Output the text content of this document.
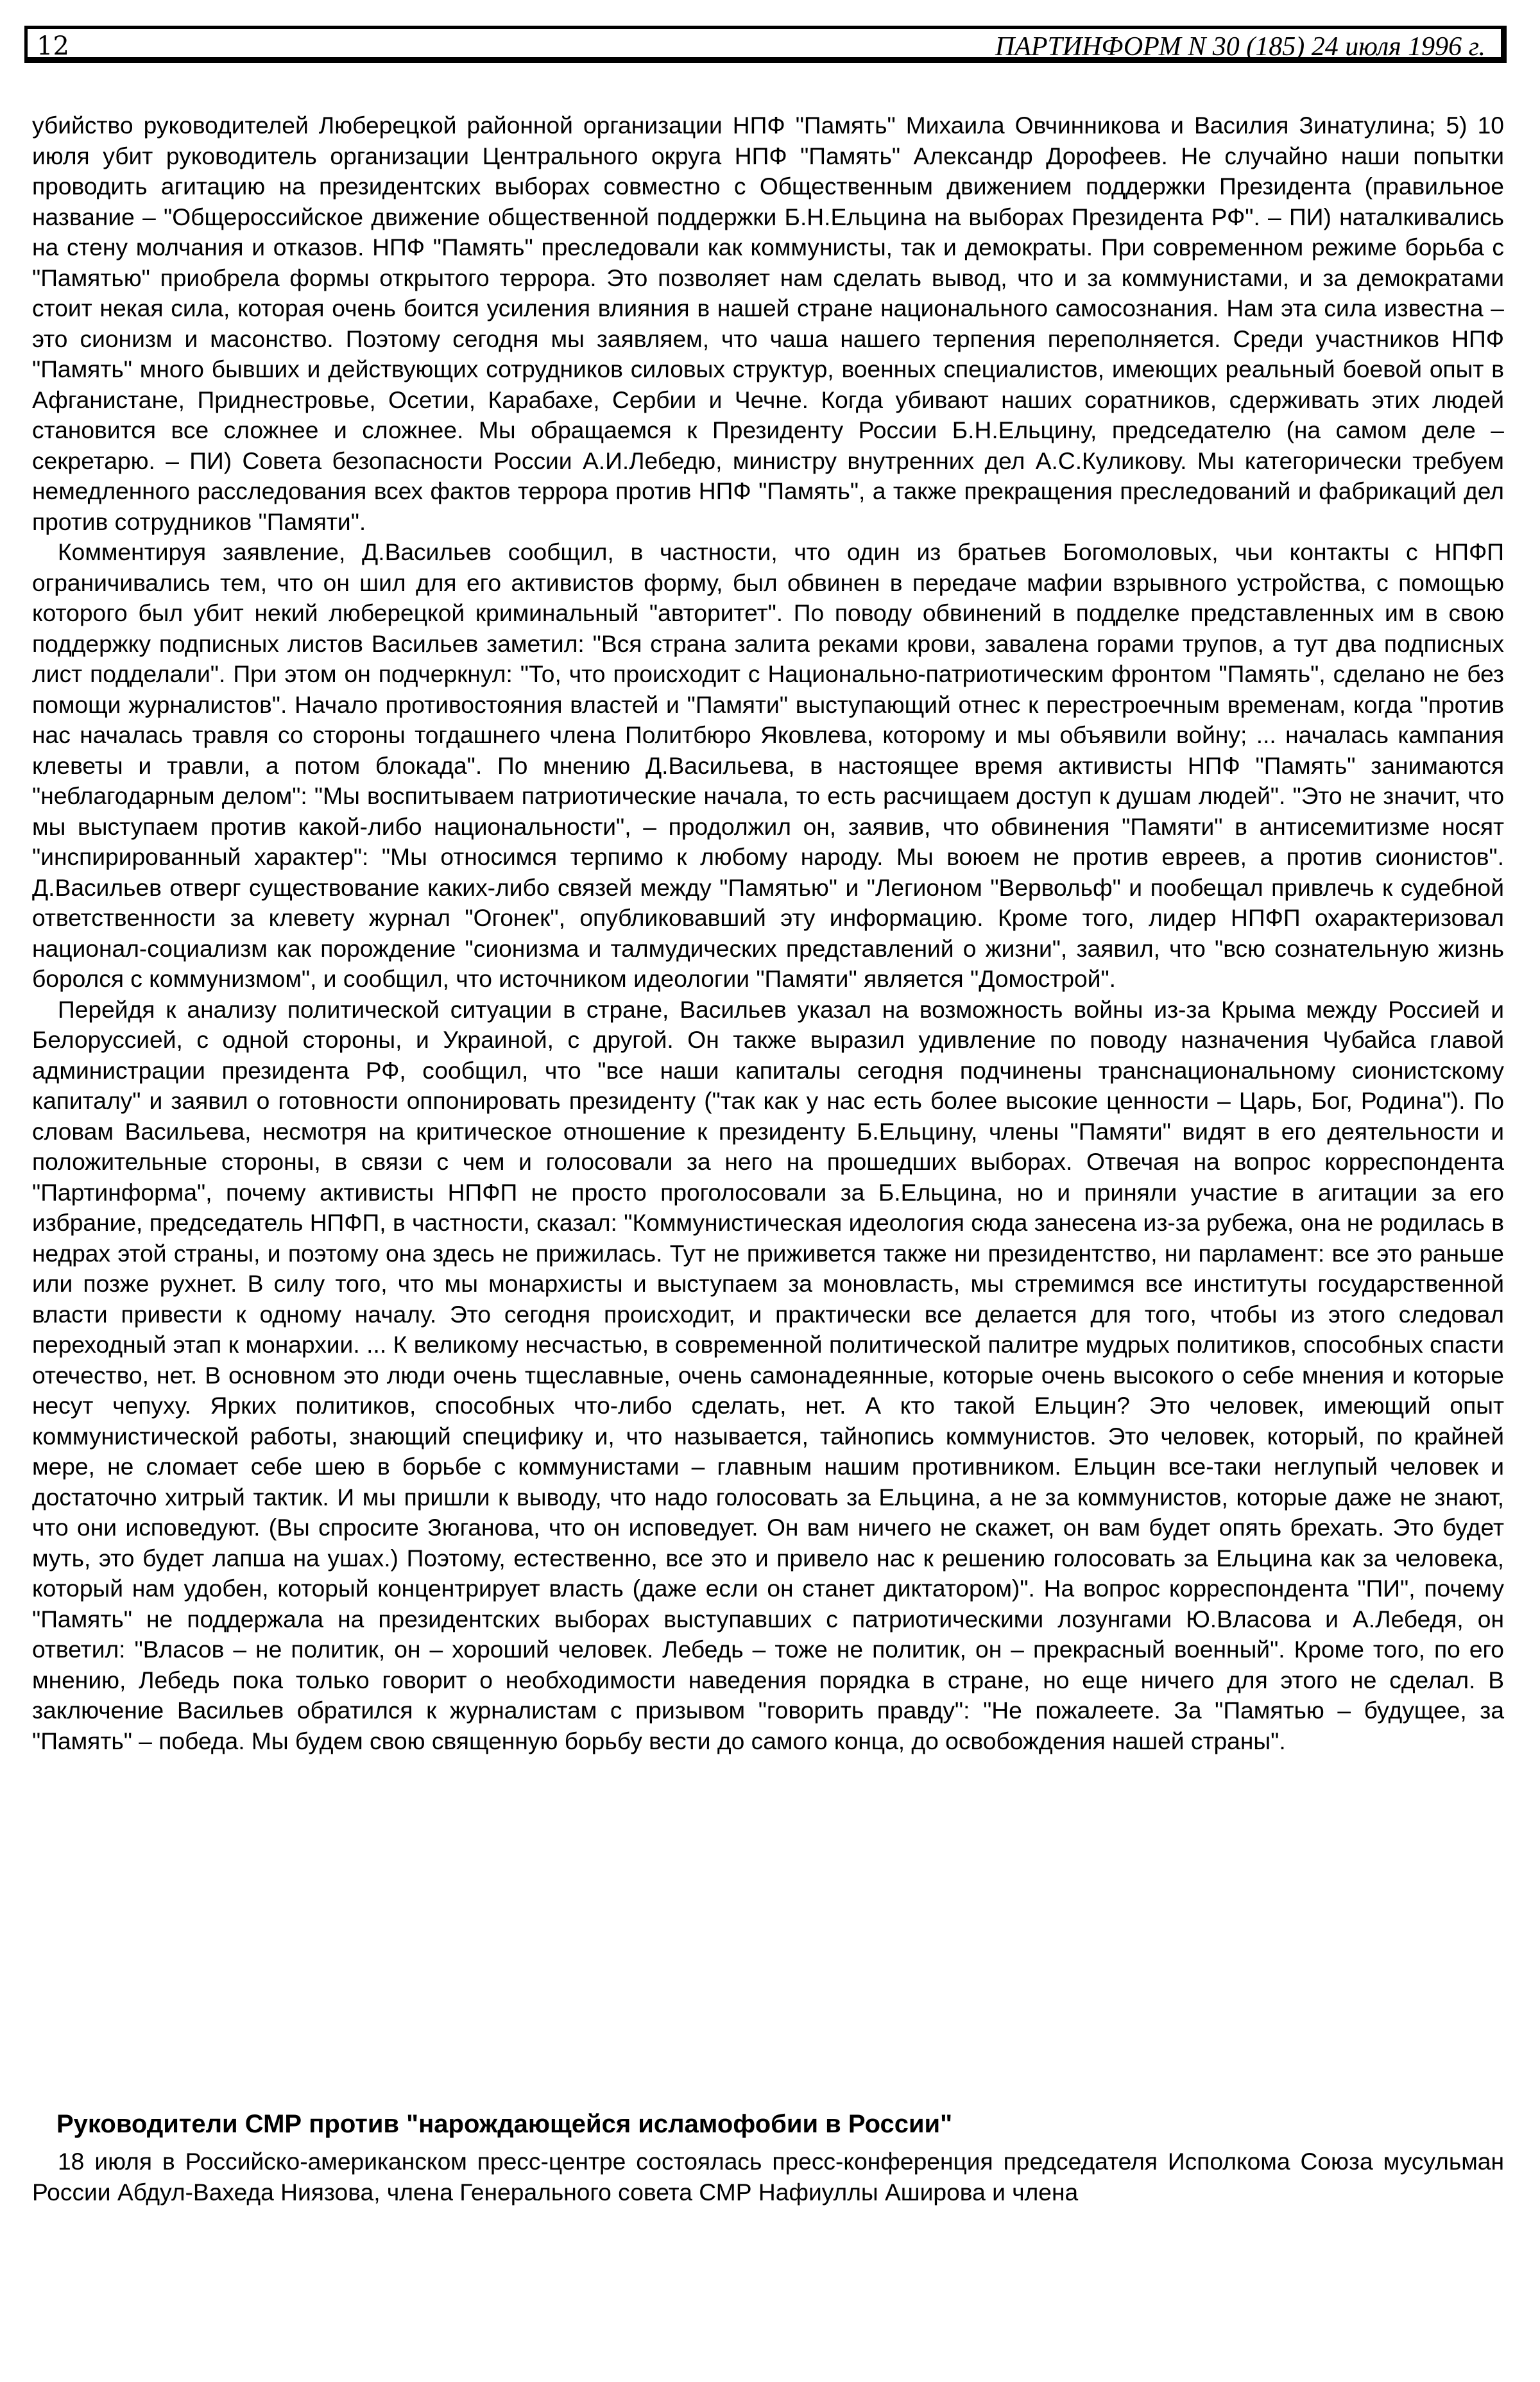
12	ПАРТИНФОРМ N 30 (185) 24 июля 1996 г.

убийство руководителей Люберецкой районной организации НПФ "Память" Михаила Овчинникова и Василия Зинатулина; 5) 10 июля убит руководитель организации Центрального округа НПФ "Память" Александр Дорофеев. Не случайно наши попытки проводить агитацию на президентских выборах совместно с Общественным движением поддержки Президента (правильное название – "Общероссийское движение общественной поддержки Б.Н.Ельцина на выборах Президента РФ". – ПИ) наталкивались на стену молчания и отказов. НПФ "Память" преследовали как коммунисты, так и демократы. При современном режиме борьба с "Памятью" приобрела формы открытого террора. Это позволяет нам сделать вывод, что и за коммунистами, и за демократами стоит некая сила, которая очень боится усиления влияния в нашей стране национального самосознания. Нам эта сила известна – это сионизм и масонство. Поэтому сегодня мы заявляем, что чаша нашего терпения переполняется. Среди участников НПФ "Память" много бывших и действующих сотрудников силовых структур, военных специалистов, имеющих реальный боевой опыт в Афганистане, Приднестровье, Осетии, Карабахе, Сербии и Чечне. Когда убивают наших соратников, сдерживать этих людей становится все сложнее и сложнее. Мы обращаемся к Президенту России Б.Н.Ельцину, председателю (на самом деле – секретарю. – ПИ) Совета безопасности России А.И.Лебедю, министру внутренних дел А.С.Куликову. Мы категорически требуем немедленного расследования всех фактов террора против НПФ "Память", а также прекращения преследований и фабрикаций дел против сотрудников "Памяти".

Комментируя заявление, Д.Васильев сообщил, в частности, что один из братьев Богомоловых, чьи контакты с НПФП ограничивались тем, что он шил для его активистов форму, был обвинен в передаче мафии взрывного устройства, с помощью которого был убит некий люберецкой криминальный "авторитет". По поводу обвинений в подделке представленных им в свою поддержку подписных листов Васильев заметил: "Вся страна залита реками крови, завалена горами трупов, а тут два подписных лист подделали". При этом он подчеркнул: "То, что происходит с Национально-патриотическим фронтом "Память", сделано не без помощи журналистов". Начало противостояния властей и "Памяти" выступающий отнес к перестроечным временам, когда "против нас началась травля со стороны тогдашнего члена Политбюро Яковлева, которому и мы объявили войну; ... началась кампания клеветы и травли, а потом блокада". По мнению Д.Васильева, в настоящее время активисты НПФ "Память" занимаются "неблагодарным делом": "Мы воспитываем патриотические начала, то есть расчищаем доступ к душам людей". "Это не значит, что мы выступаем против какой-либо национальности", – продолжил он, заявив, что обвинения "Памяти" в антисемитизме носят "инспирированный характер": "Мы относимся терпимо к любому народу. Мы воюем не против евреев, а против сионистов". Д.Васильев отверг существование каких-либо связей между "Памятью" и "Легионом "Вервольф" и пообещал привлечь к судебной ответственности за клевету журнал "Огонек", опубликовавший эту информацию. Кроме того, лидер НПФП охарактеризовал национал-социализм как порождение "сионизма и талмудических представлений о жизни", заявил, что "всю сознательную жизнь боролся с коммунизмом", и сообщил, что источником идеологии "Памяти" является "Домострой".

Перейдя к анализу политической ситуации в стране, Васильев указал на возможность войны из-за Крыма между Россией и Белоруссией, с одной стороны, и Украиной, с другой. Он также выразил удивление по поводу назначения Чубайса главой администрации президента РФ, сообщил, что "все наши капиталы сегодня подчинены транснациональному сионистскому капиталу" и заявил о готовности оппонировать президенту ("так как у нас есть более высокие ценности – Царь, Бог, Родина"). По словам Васильева, несмотря на критическое отношение к президенту Б.Ельцину, члены "Памяти" видят в его деятельности и положительные стороны, в связи с чем и голосовали за него на прошедших выборах. Отвечая на вопрос корреспондента "Партинформа", почему активисты НПФП не просто проголосовали за Б.Ельцина, но и приняли участие в агитации за его избрание, председатель НПФП, в частности, сказал: "Коммунистическая идеология сюда занесена из-за рубежа, она не родилась в недрах этой страны, и поэтому она здесь не прижилась. Тут не приживется также ни президентство, ни парламент: все это раньше или позже рухнет. В силу того, что мы монархисты и выступаем за моновласть, мы стремимся все институты государственной власти привести к одному началу. Это сегодня происходит, и практически все делается для того, чтобы из этого следовал переходный этап к монархии. ... К великому несчастью, в современной политической палитре мудрых политиков, способных спасти отечество, нет. В основном это люди очень тщеславные, очень самонадеянные, которые очень высокого о себе мнения и которые несут чепуху. Ярких политиков, способных что-либо сделать, нет. А кто такой Ельцин? Это человек, имеющий опыт коммунистической работы, знающий специфику и, что называется, тайнопись коммунистов. Это человек, который, по крайней мере, не сломает себе шею в борьбе с коммунистами – главным нашим противником. Ельцин все-таки неглупый человек и достаточно хитрый тактик. И мы пришли к выводу, что надо голосовать за Ельцина, а не за коммунистов, которые даже не знают, что они исповедуют. (Вы спросите Зюганова, что он исповедует. Он вам ничего не скажет, он вам будет опять брехать. Это будет муть, это будет лапша на ушах.) Поэтому, естественно, все это и привело нас к решению голосовать за Ельцина как за человека, который нам удобен, который концентрирует власть (даже если он станет диктатором)". На вопрос корреспондента "ПИ", почему "Память" не поддержала на президентских выборах выступавших с патриотическими лозунгами Ю.Власова и А.Лебедя, он ответил: "Власов – не политик, он – хороший человек. Лебедь – тоже не политик, он – прекрасный военный". Кроме того, по его мнению, Лебедь пока только говорит о необходимости наведения порядка в стране, но еще ничего для этого не сделал. В заключение Васильев обратился к журналистам с призывом "говорить правду": "Не пожалеете. За "Памятью – будущее, за "Память" – победа. Мы будем свою священную борьбу вести до самого конца, до освобождения нашей страны".

Руководители СМР против "нарождающейся исламофобии в России"

18 июля в Российско-американском пресс-центре состоялась пресс-конференция председателя Исполкома Союза мусульман России Абдул-Вахеда Ниязова, члена Генерального совета СМР Нафиуллы Аширова и члена
